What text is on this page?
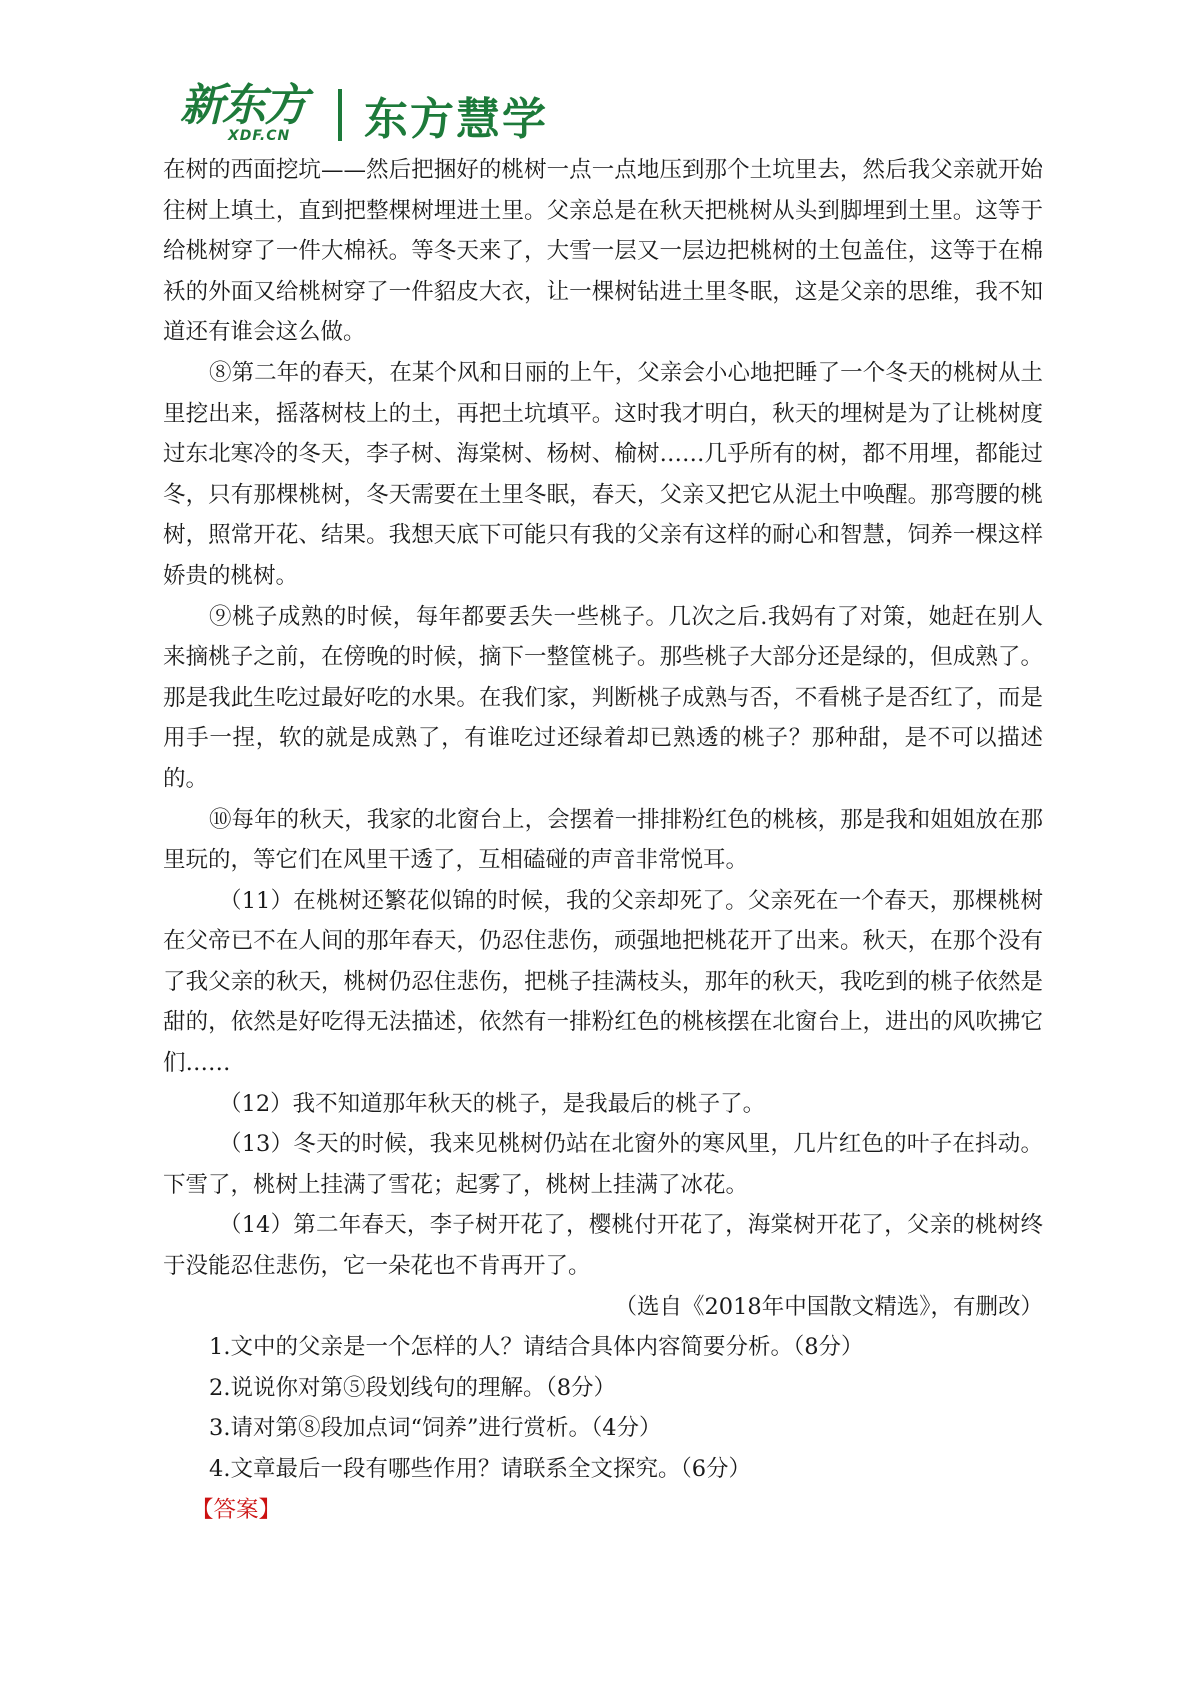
新东方
XDF.CN 东方慧学

在树的西面挖坑——然后把捆好的桃树一点一点地压到那个土坑里去，然后我父亲就开始往树上填土，直到把整棵树埋进土里。父亲总是在秋天把桃树从头到脚埋到土里。这等于给桃树穿了一件大棉袄。等冬天来了，大雪一层又一层边把桃树的土包盖住，这等于在棉袄的外面又给桃树穿了一件貂皮大衣，让一棵树钻进土里冬眠，这是父亲的思维，我不知道还有谁会这么做。

⑧第二年的春天，在某个风和日丽的上午，父亲会小心地把睡了一个冬天的桃树从土里挖出来，摇落树枝上的土，再把土坑填平。这时我才明白，秋天的埋树是为了让桃树度过东北寒冷的冬天，李子树、海棠树、杨树、榆树……几乎所有的树，都不用埋，都能过冬，只有那棵桃树，冬天需要在土里冬眠，春天，父亲又把它从泥土中唤醒。那弯腰的桃树，照常开花、结果。我想天底下可能只有我的父亲有这样的耐心和智慧，饲养一棵这样娇贵的桃树。

⑨桃子成熟的时候，每年都要丢失一些桃子。几次之后.我妈有了对策，她赶在别人来摘桃子之前，在傍晚的时候，摘下一整筐桃子。那些桃子大部分还是绿的，但成熟了。那是我此生吃过最好吃的水果。在我们家，判断桃子成熟与否，不看桃子是否红了，而是用手一捏，软的就是成熟了，有谁吃过还绿着却已熟透的桃子？那种甜，是不可以描述的。

⑩每年的秋天，我家的北窗台上，会摆着一排排粉红色的桃核，那是我和姐姐放在那里玩的，等它们在风里干透了，互相磕碰的声音非常悦耳。

（11）在桃树还繁花似锦的时候，我的父亲却死了。父亲死在一个春天，那棵桃树在父帝已不在人间的那年春天，仍忍住悲伤，顽强地把桃花开了出来。秋天，在那个没有了我父亲的秋天，桃树仍忍住悲伤，把桃子挂满枝头，那年的秋天，我吃到的桃子依然是甜的，依然是好吃得无法描述，依然有一排粉红色的桃核摆在北窗台上，进出的风吹拂它们……

（12）我不知道那年秋天的桃子，是我最后的桃子了。

（13）冬天的时候，我来见桃树仍站在北窗外的寒风里，几片红色的叶子在抖动。下雪了，桃树上挂满了雪花；起雾了，桃树上挂满了冰花。

（14）第二年春天，李子树开花了，樱桃付开花了，海棠树开花了，父亲的桃树终于没能忍住悲伤，它一朵花也不肯再开了。

（选自《2018年中国散文精选》，有删改）

1.文中的父亲是一个怎样的人？请结合具体内容简要分析。（8分）

2.说说你对第⑤段划线句的理解。（8分）

3.请对第⑧段加点词“饲养”进行赏析。（4分）

4.文章最后一段有哪些作用？请联系全文探究。（6分）

【答案】
